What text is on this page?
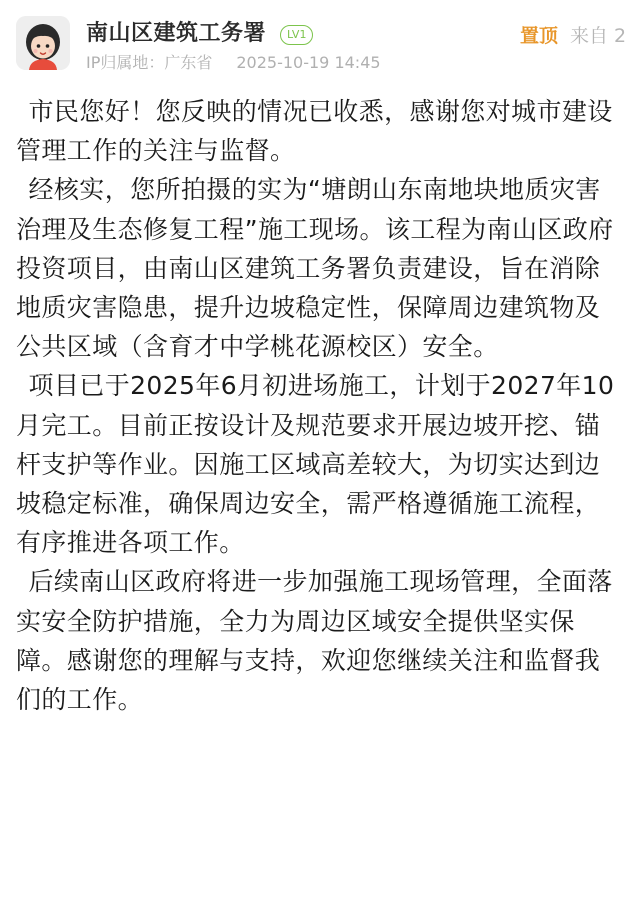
南山区建筑工务署	LV1
IP归属地：广东省 2025-10-19 14:45
置顶 来自 2

市民您好！您反映的情况已收悉，感谢您对城市建设管理工作的关注与监督。

经核实，您所拍摄的实为“塘朗山东南地块地质灾害治理及生态修复工程”施工现场。该工程为南山区政府投资项目，由南山区建筑工务署负责建设，旨在消除地质灾害隐患，提升边坡稳定性，保障周边建筑物及公共区域（含育才中学桃花源校区）安全。

项目已于2025年6月初进场施工，计划于2027年10月完工。目前正按设计及规范要求开展边坡开挖、锚杆支护等作业。因施工区域高差较大，为切实达到边坡稳定标准，确保周边安全，需严格遵循施工流程，有序推进各项工作。

后续南山区政府将进一步加强施工现场管理，全面落实安全防护措施，全力为周边区域安全提供坚实保障。感谢您的理解与支持，欢迎您继续关注和监督我们的工作。
